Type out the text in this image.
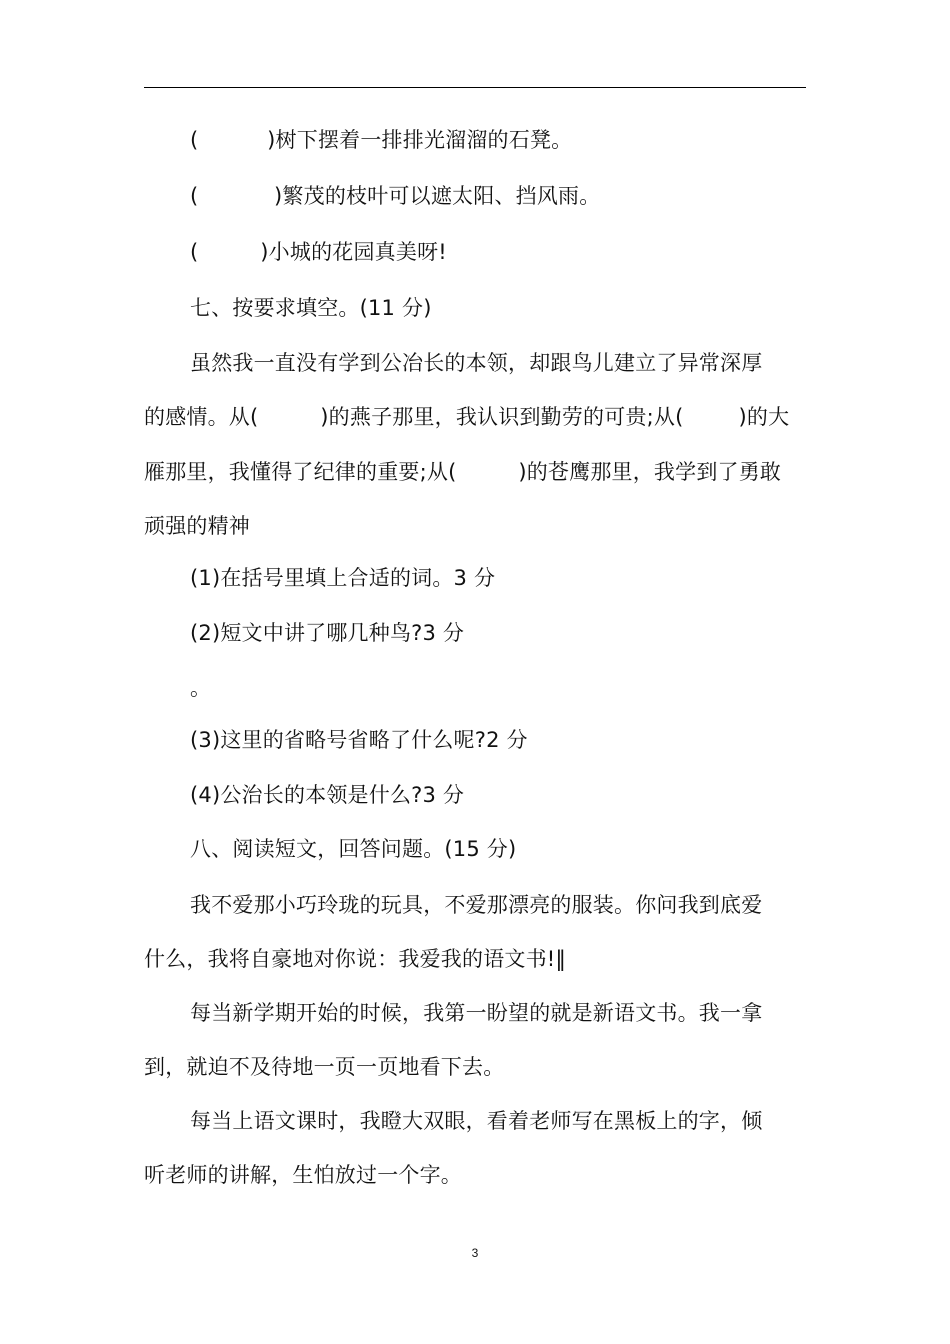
(          )树下摆着一排排光溜溜的石凳。
(           )繁茂的枝叶可以遮太阳、挡风雨。
(         )小城的花园真美呀!
七、按要求填空。(11 分)
虽然我一直没有学到公冶长的本领，却跟鸟儿建立了异常深厚
的感情。从(         )的燕子那里，我认识到勤劳的可贵;从(        )的大
雁那里，我懂得了纪律的重要;从(         )的苍鹰那里，我学到了勇敢
顽强的精神
(1)在括号里填上合适的词。3 分
(2)短文中讲了哪几种鸟?3 分
。
(3)这里的省略号省略了什么呢?2 分
(4)公治长的本领是什么?3 分
八、阅读短文，回答问题。(15 分)
我不爱那小巧玲珑的玩具，不爱那漂亮的服装。你问我到底爱
什么，我将自豪地对你说：我爱我的语文书!‖
每当新学期开始的时候，我第一盼望的就是新语文书。我一拿
到，就迫不及待地一页一页地看下去。
每当上语文课时，我瞪大双眼，看着老师写在黑板上的字，倾
听老师的讲解，生怕放过一个字。
3
